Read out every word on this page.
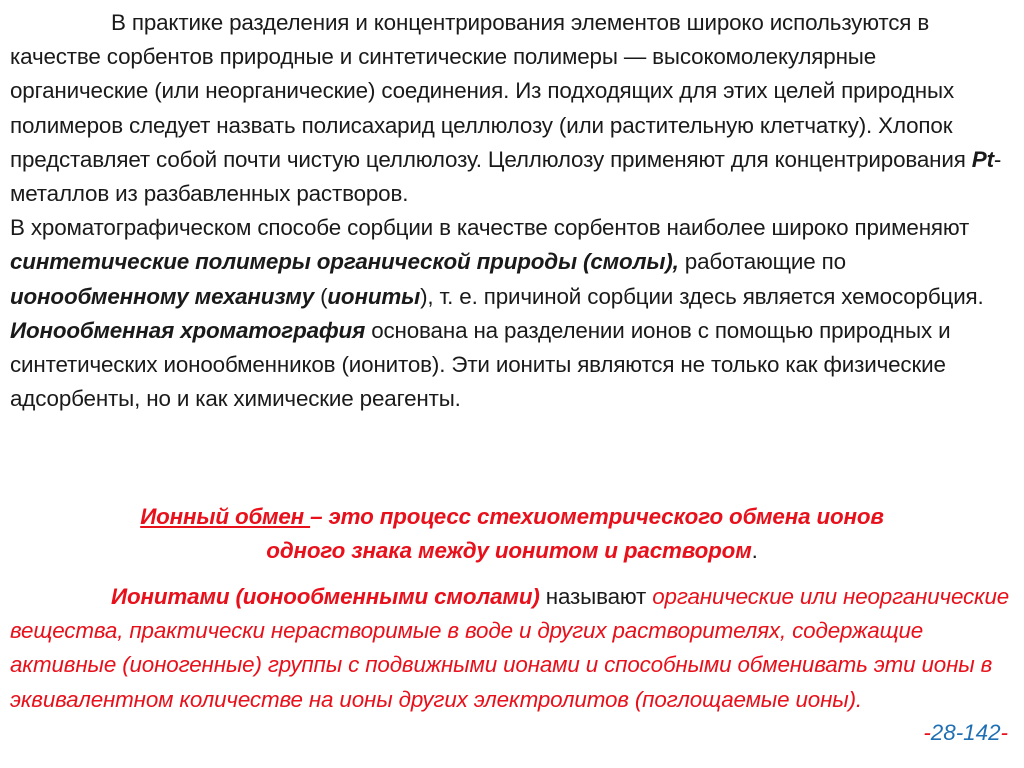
В практике разделения и концентрирования элементов широко используются в качестве сорбентов природные и синтетические полимеры — высокомолекулярные органические (или неорганические) соединения. Из подходящих для этих целей природных полимеров следует назвать полисахарид целлюлозу (или растительную клетчатку). Хлопок представляет собой почти чистую целлюлозу. Целлюлозу применяют для концентрирования Pt-металлов из разбавленных растворов.

В хроматографическом способе сорбции в качестве сорбентов наиболее широко применяют синтетические полимеры органической природы (смолы), работающие по ионообменному механизму (иониты), т. е. причиной сорбции здесь является хемосорбция.

Ионообменная хроматография основана на разделении ионов с помощью природных и синтетических ионообменников (ионитов). Эти иониты являются не только как физические адсорбенты, но и как химические реагенты.

Ионный обмен – это процесс стехиометрического обмена ионов

одного знака между ионитом и раствором.

Ионитами (ионообменными смолами) называют органические или неорганические вещества, практически нерастворимые в воде и других растворителях, содержащие активные (ионогенные) группы с подвижными ионами и способными обменивать эти ионы в эквивалентном количестве на ионы других электролитов (поглощаемые ионы).

-28-142-
